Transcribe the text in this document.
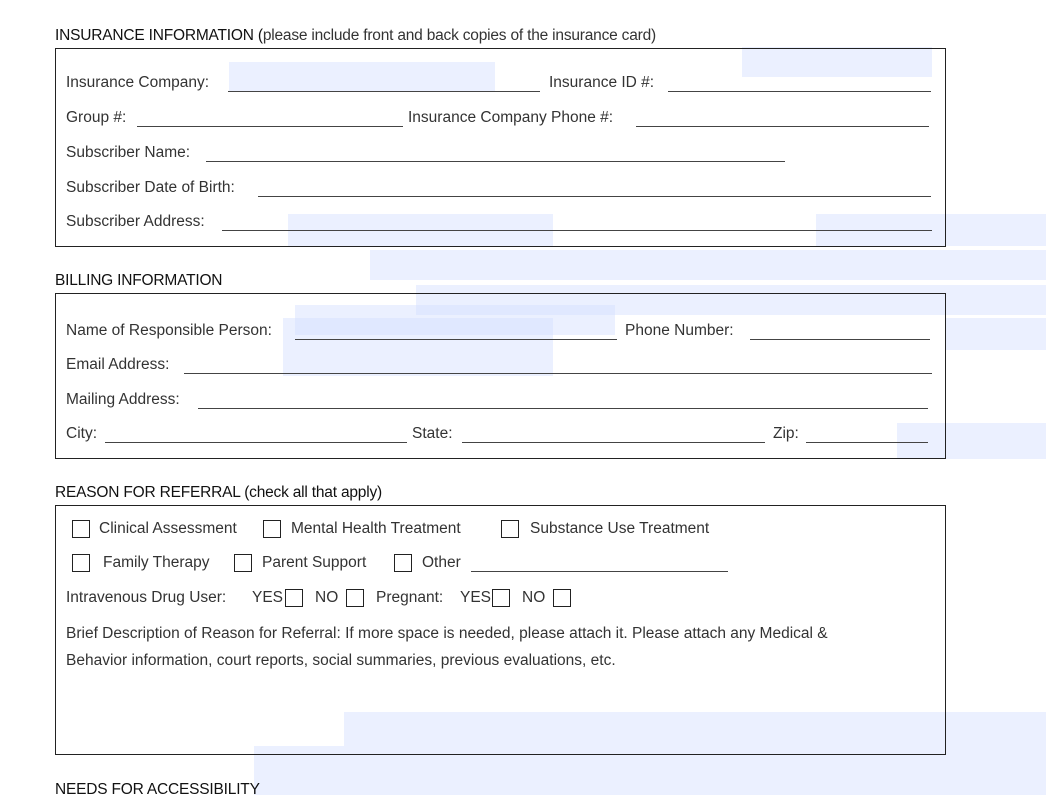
INSURANCE INFORMATION (please include front and back copies of the insurance card)
Insurance Company:	Insurance ID #:
Group #:	Insurance Company Phone #:
Subscriber Name:
Subscriber Date of Birth:
Subscriber Address:
BILLING INFORMATION
Name of Responsible Person:	Phone Number:
Email Address:
Mailing Address:
City:	State:	Zip:
REASON FOR REFERRAL (check all that apply)
Clinical Assessment	Mental Health Treatment	Substance Use Treatment
Family Therapy	Parent Support	Other
Intravenous Drug User: YES NO Pregnant: YES NO
Brief Description of Reason for Referral: If more space is needed, please attach it. Please attach any Medical &
Behavior information, court reports, social summaries, previous evaluations, etc.
NEEDS FOR ACCESSIBILITY
